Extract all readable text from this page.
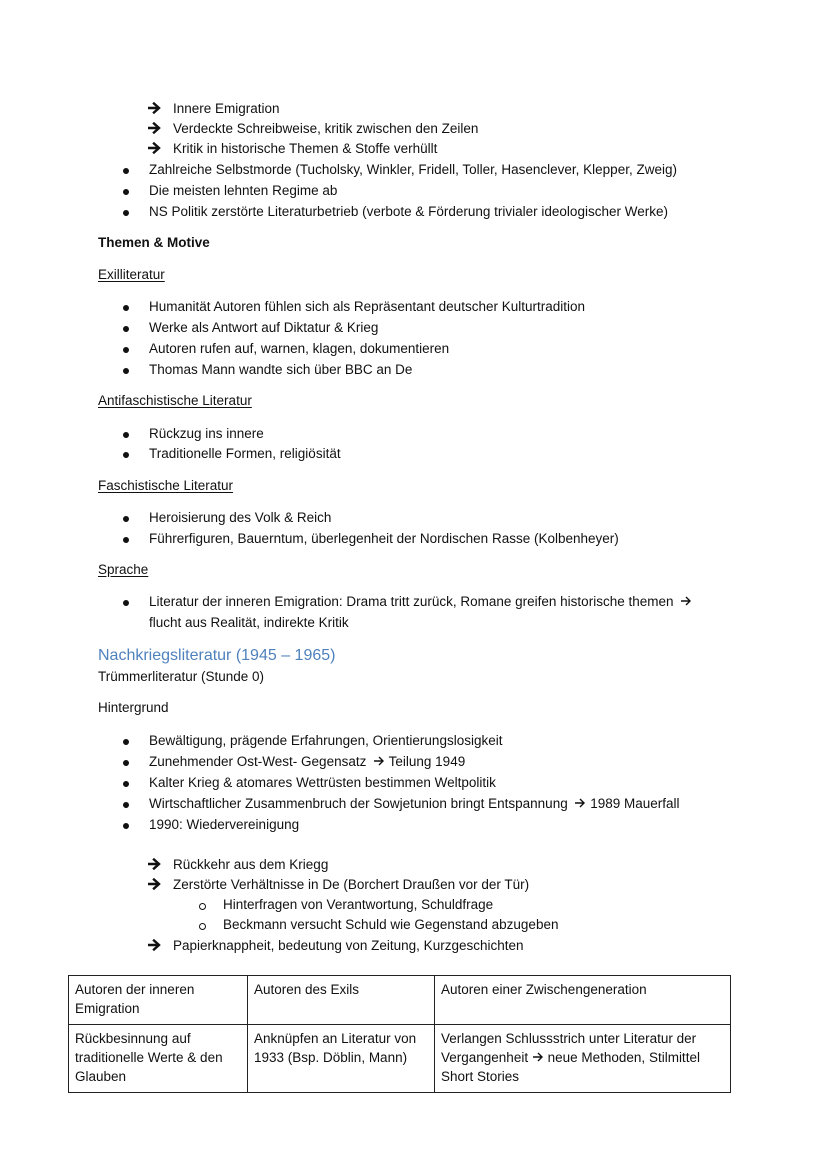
Innere Emigration
Verdeckte Schreibweise, kritik zwischen den Zeilen
Kritik in historische Themen & Stoffe verhüllt
Zahlreiche Selbstmorde (Tucholsky, Winkler, Fridell, Toller, Hasenclever, Klepper, Zweig)
Die meisten lehnten Regime ab
NS Politik zerstörte Literaturbetrieb (verbote & Förderung trivialer ideologischer Werke)
Themen & Motive
Exilliteratur
Humanität Autoren fühlen sich als Repräsentant deutscher Kulturtradition
Werke als Antwort auf Diktatur & Krieg
Autoren rufen auf, warnen, klagen, dokumentieren
Thomas Mann wandte sich über BBC an De
Antifaschistische Literatur
Rückzug ins innere
Traditionelle Formen, religiösität
Faschistische Literatur
Heroisierung des Volk & Reich
Führerfiguren, Bauerntum, überlegenheit der Nordischen Rasse (Kolbenheyer)
Sprache
Literatur der inneren Emigration: Drama tritt zurück, Romane greifen historische themen
flucht aus Realität, indirekte Kritik
Nachkriegsliteratur (1945 – 1965)
Trümmerliteratur (Stunde 0)
Hintergrund
Bewältigung, prägende Erfahrungen, Orientierungslosigkeit
Zunehmender Ost-West- Gegensatz Teilung 1949
Kalter Krieg & atomares Wettrüsten bestimmen Weltpolitik
Wirtschaftlicher Zusammenbruch der Sowjetunion bringt Entspannung 1989 Mauerfall
1990: Wiedervereinigung
Rückkehr aus dem Kriegg
Zerstörte Verhältnisse in De (Borchert Draußen vor der Tür)
Hinterfragen von Verantwortung, Schuldfrage
Beckmann versucht Schuld wie Gegenstand abzugeben
Papierknappheit, bedeutung von Zeitung, Kurzgeschichten
Autoren der inneren Emigration	Autoren des Exils	Autoren einer Zwischengeneration
Rückbesinnung auf traditionelle Werte & den Glauben	Anknüpfen an Literatur von 1933 (Bsp. Döblin, Mann)	Verlangen Schlussstrich unter Literatur der Vergangenheit neue Methoden, Stilmittel
Short Stories
